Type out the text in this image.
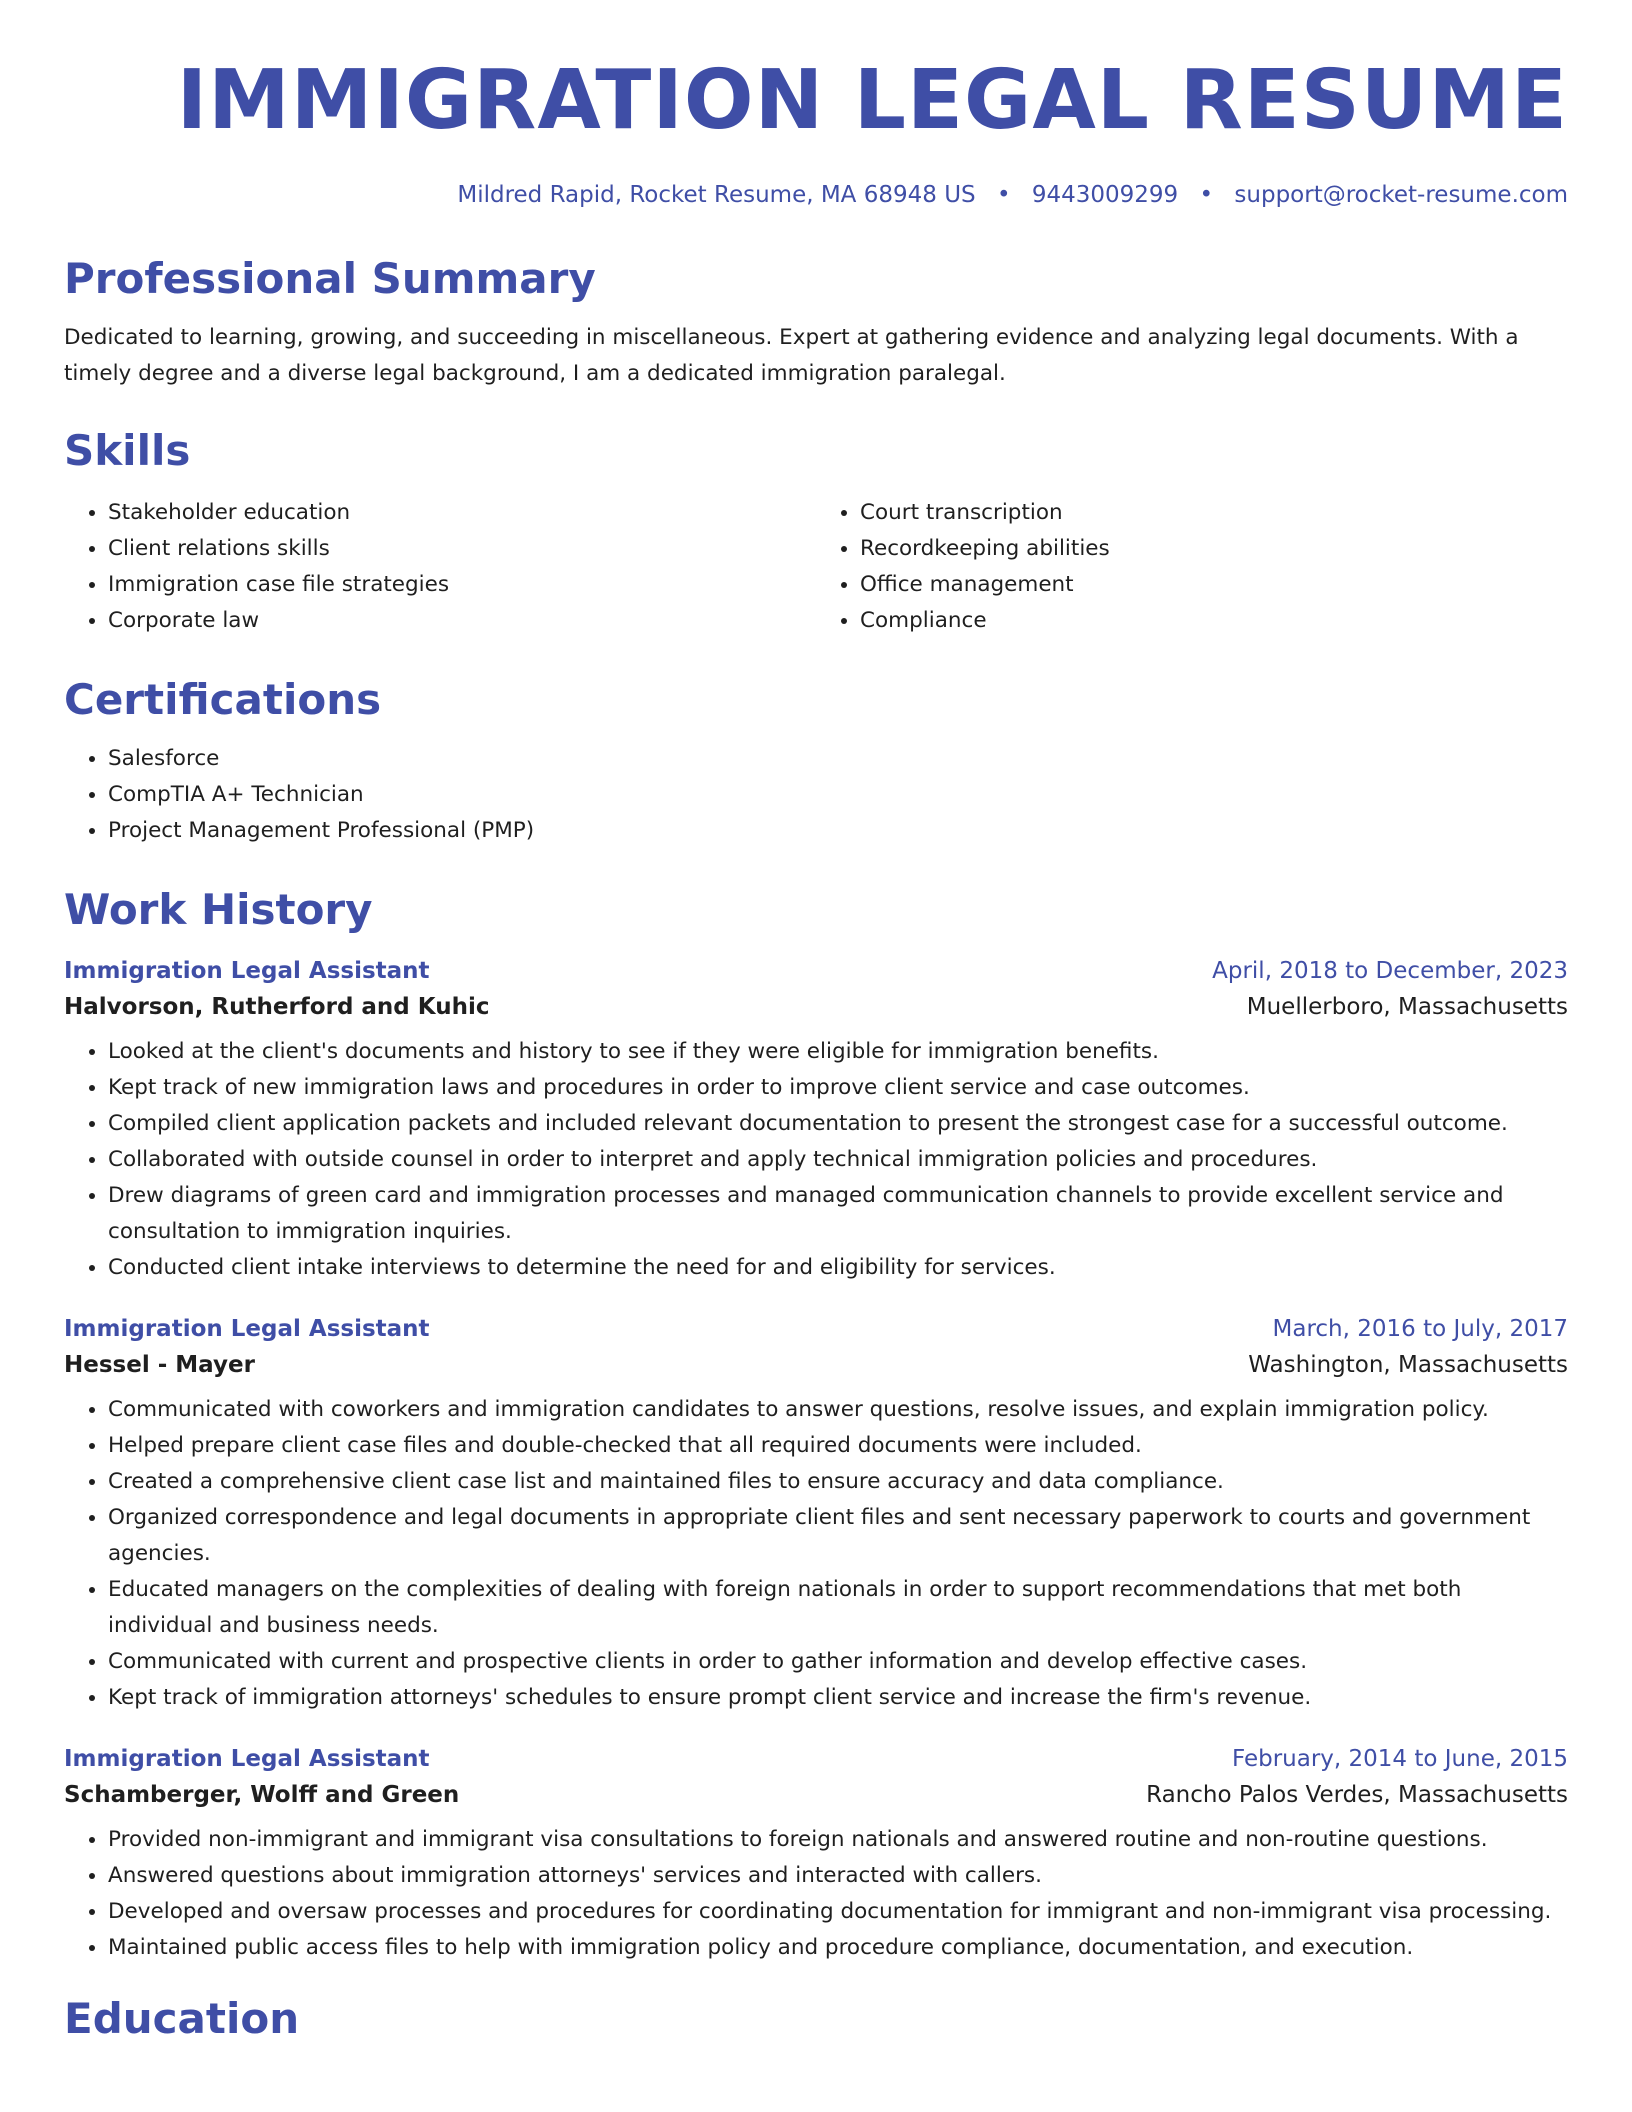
IMMIGRATION LEGAL RESUME
Mildred Rapid, Rocket Resume, MA 68948 US • 9443009299 • support@rocket-resume.com
Professional Summary
Dedicated to learning, growing, and succeeding in miscellaneous. Expert at gathering evidence and analyzing legal documents. With a timely degree and a diverse legal background, I am a dedicated immigration paralegal.
Skills
• Stakeholder education
• Client relations skills
• Immigration case file strategies
• Corporate law
• Court transcription
• Recordkeeping abilities
• Office management
• Compliance
Certifications
• Salesforce
• CompTIA A+ Technician
• Project Management Professional (PMP)
Work History
Immigration Legal Assistant	April, 2018 to December, 2023
Halvorson, Rutherford and Kuhic	Muellerboro, Massachusetts
• Looked at the client's documents and history to see if they were eligible for immigration benefits.
• Kept track of new immigration laws and procedures in order to improve client service and case outcomes.
• Compiled client application packets and included relevant documentation to present the strongest case for a successful outcome.
• Collaborated with outside counsel in order to interpret and apply technical immigration policies and procedures.
• Drew diagrams of green card and immigration processes and managed communication channels to provide excellent service and consultation to immigration inquiries.
• Conducted client intake interviews to determine the need for and eligibility for services.
Immigration Legal Assistant	March, 2016 to July, 2017
Hessel - Mayer	Washington, Massachusetts
• Communicated with coworkers and immigration candidates to answer questions, resolve issues, and explain immigration policy.
• Helped prepare client case files and double-checked that all required documents were included.
• Created a comprehensive client case list and maintained files to ensure accuracy and data compliance.
• Organized correspondence and legal documents in appropriate client files and sent necessary paperwork to courts and government agencies.
• Educated managers on the complexities of dealing with foreign nationals in order to support recommendations that met both individual and business needs.
• Communicated with current and prospective clients in order to gather information and develop effective cases.
• Kept track of immigration attorneys' schedules to ensure prompt client service and increase the firm's revenue.
Immigration Legal Assistant	February, 2014 to June, 2015
Schamberger, Wolff and Green	Rancho Palos Verdes, Massachusetts
• Provided non-immigrant and immigrant visa consultations to foreign nationals and answered routine and non-routine questions.
• Answered questions about immigration attorneys' services and interacted with callers.
• Developed and oversaw processes and procedures for coordinating documentation for immigrant and non-immigrant visa processing.
• Maintained public access files to help with immigration policy and procedure compliance, documentation, and execution.
Education
